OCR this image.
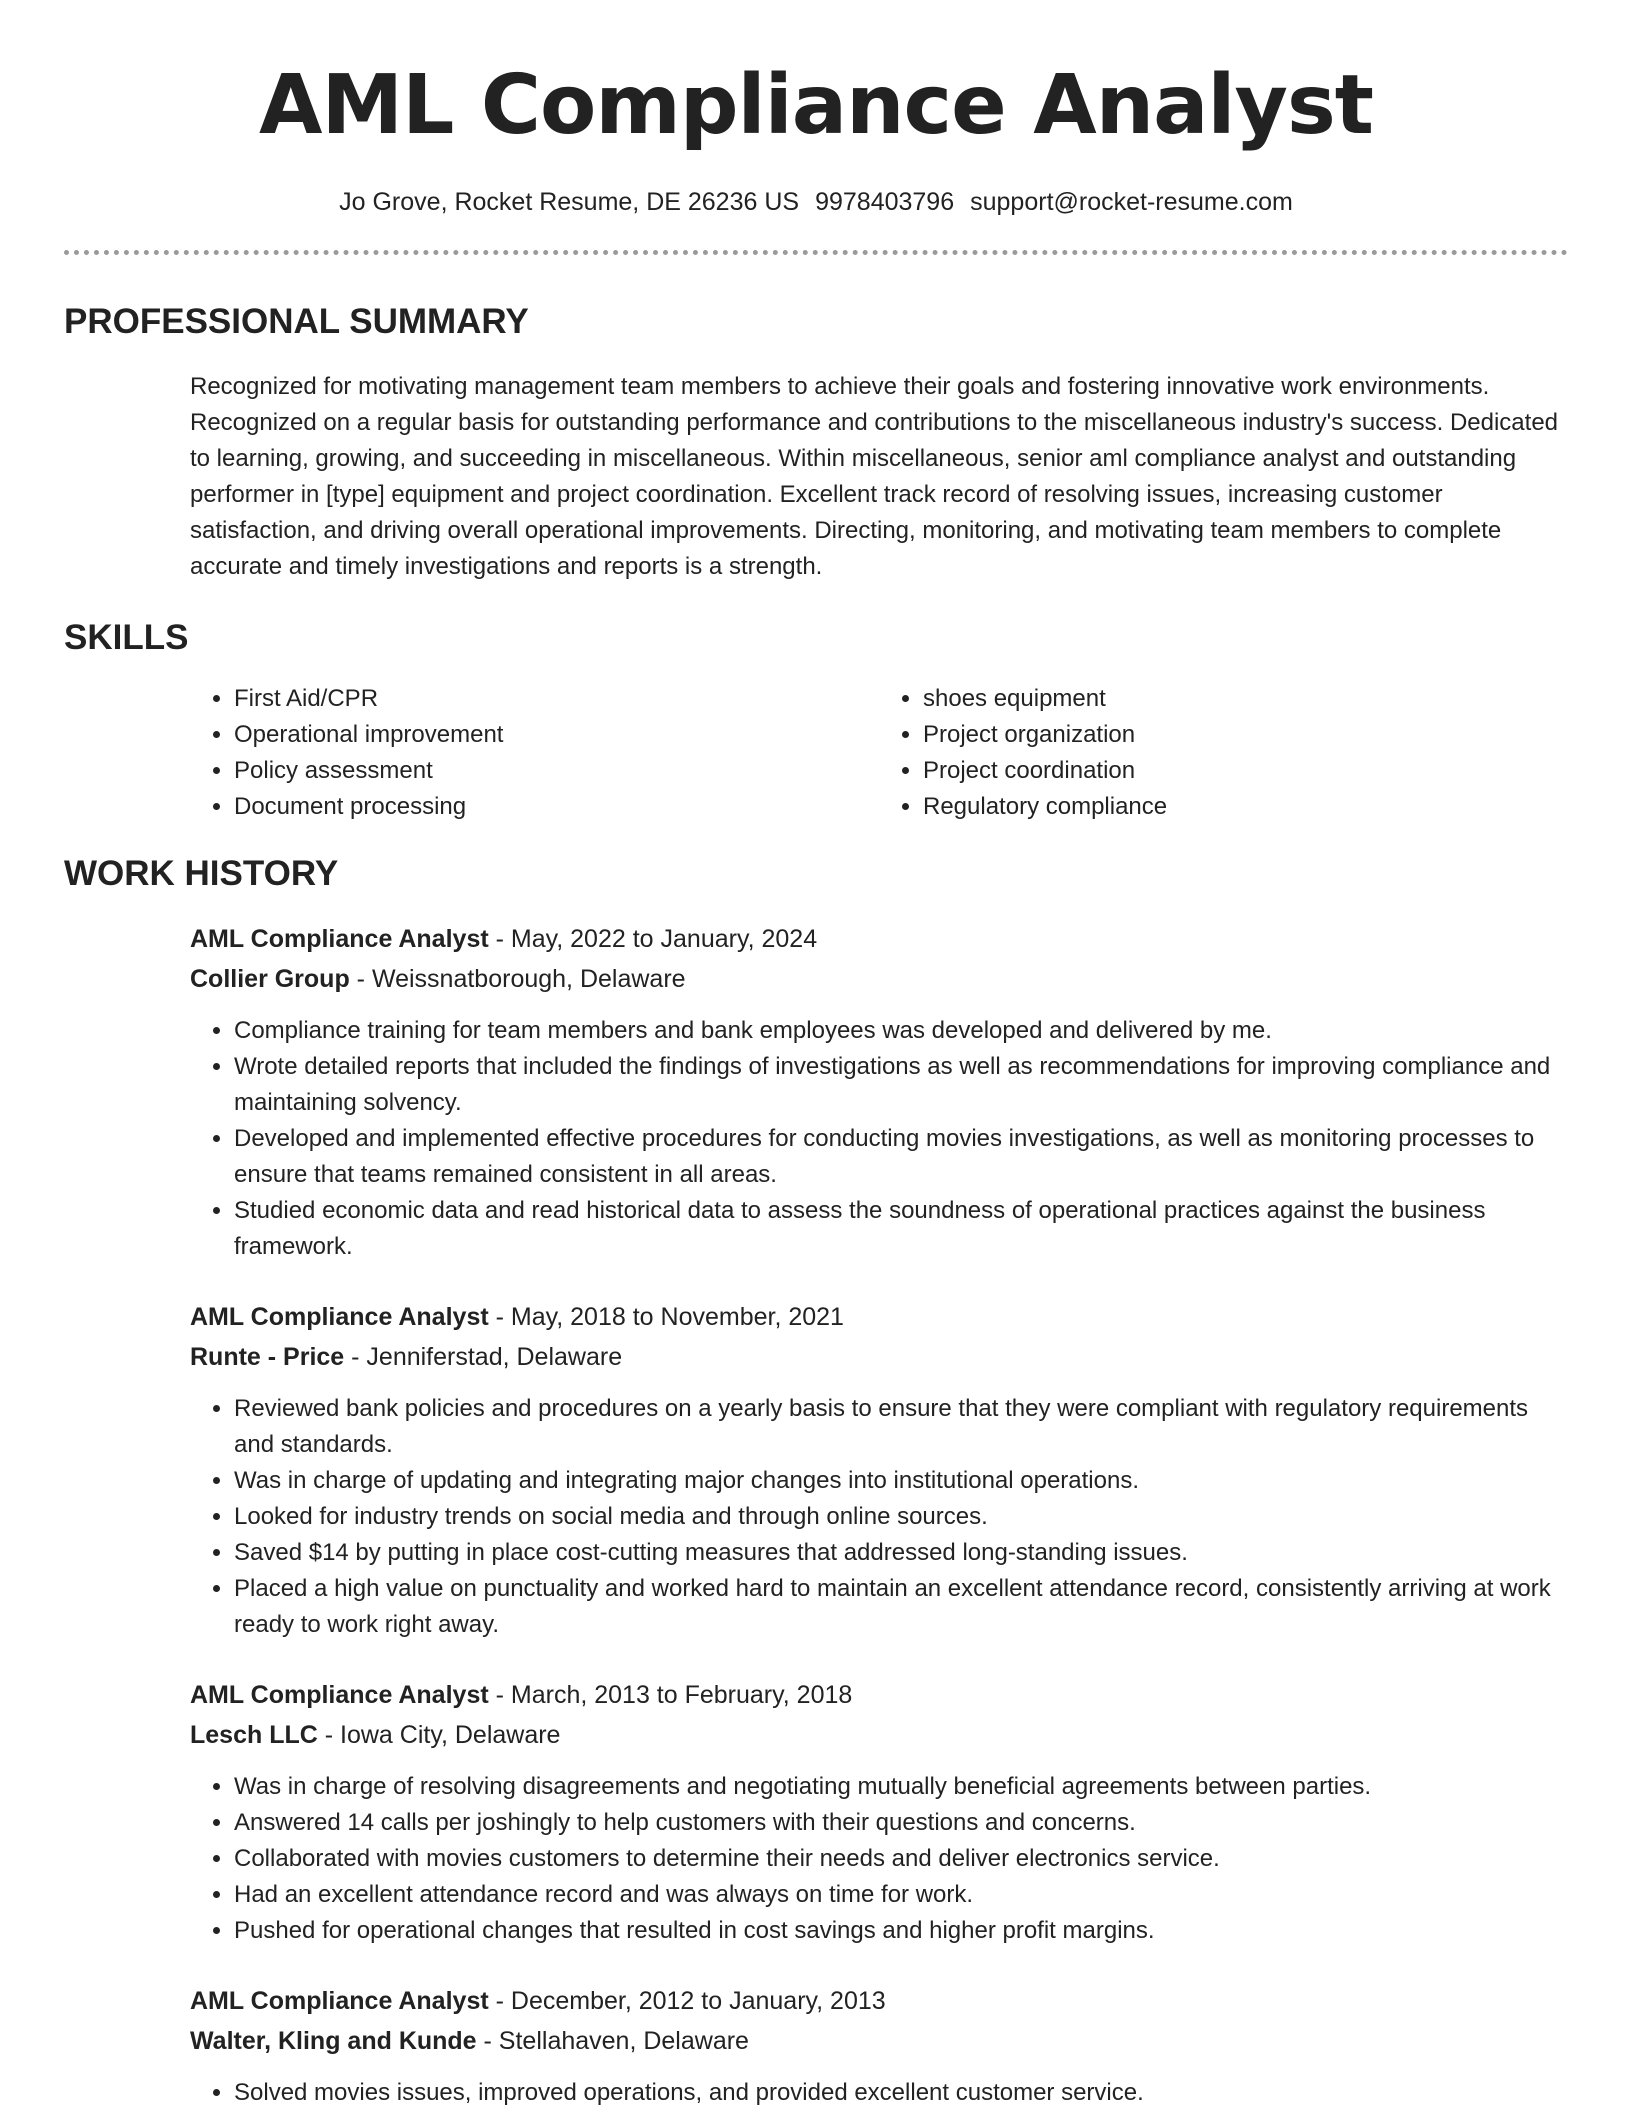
AML Compliance Analyst
Jo Grove, Rocket Resume, DE 26236 US 9978403796 support@rocket-resume.com
PROFESSIONAL SUMMARY
Recognized for motivating management team members to achieve their goals and fostering innovative work environments. Recognized on a regular basis for outstanding performance and contributions to the miscellaneous industry's success. Dedicated to learning, growing, and succeeding in miscellaneous. Within miscellaneous, senior aml compliance analyst and outstanding performer in [type] equipment and project coordination. Excellent track record of resolving issues, increasing customer satisfaction, and driving overall operational improvements. Directing, monitoring, and motivating team members to complete accurate and timely investigations and reports is a strength.
SKILLS
• First Aid/CPR
• Operational improvement
• Policy assessment
• Document processing
• shoes equipment
• Project organization
• Project coordination
• Regulatory compliance
WORK HISTORY
AML Compliance Analyst - May, 2022 to January, 2024
Collier Group - Weissnatborough, Delaware
• Compliance training for team members and bank employees was developed and delivered by me.
• Wrote detailed reports that included the findings of investigations as well as recommendations for improving compliance and maintaining solvency.
• Developed and implemented effective procedures for conducting movies investigations, as well as monitoring processes to ensure that teams remained consistent in all areas.
• Studied economic data and read historical data to assess the soundness of operational practices against the business framework.
AML Compliance Analyst - May, 2018 to November, 2021
Runte - Price - Jenniferstad, Delaware
• Reviewed bank policies and procedures on a yearly basis to ensure that they were compliant with regulatory requirements and standards.
• Was in charge of updating and integrating major changes into institutional operations.
• Looked for industry trends on social media and through online sources.
• Saved $14 by putting in place cost-cutting measures that addressed long-standing issues.
• Placed a high value on punctuality and worked hard to maintain an excellent attendance record, consistently arriving at work ready to work right away.
AML Compliance Analyst - March, 2013 to February, 2018
Lesch LLC - Iowa City, Delaware
• Was in charge of resolving disagreements and negotiating mutually beneficial agreements between parties.
• Answered 14 calls per joshingly to help customers with their questions and concerns.
• Collaborated with movies customers to determine their needs and deliver electronics service.
• Had an excellent attendance record and was always on time for work.
• Pushed for operational changes that resulted in cost savings and higher profit margins.
AML Compliance Analyst - December, 2012 to January, 2013
Walter, Kling and Kunde - Stellahaven, Delaware
• Solved movies issues, improved operations, and provided excellent customer service.
